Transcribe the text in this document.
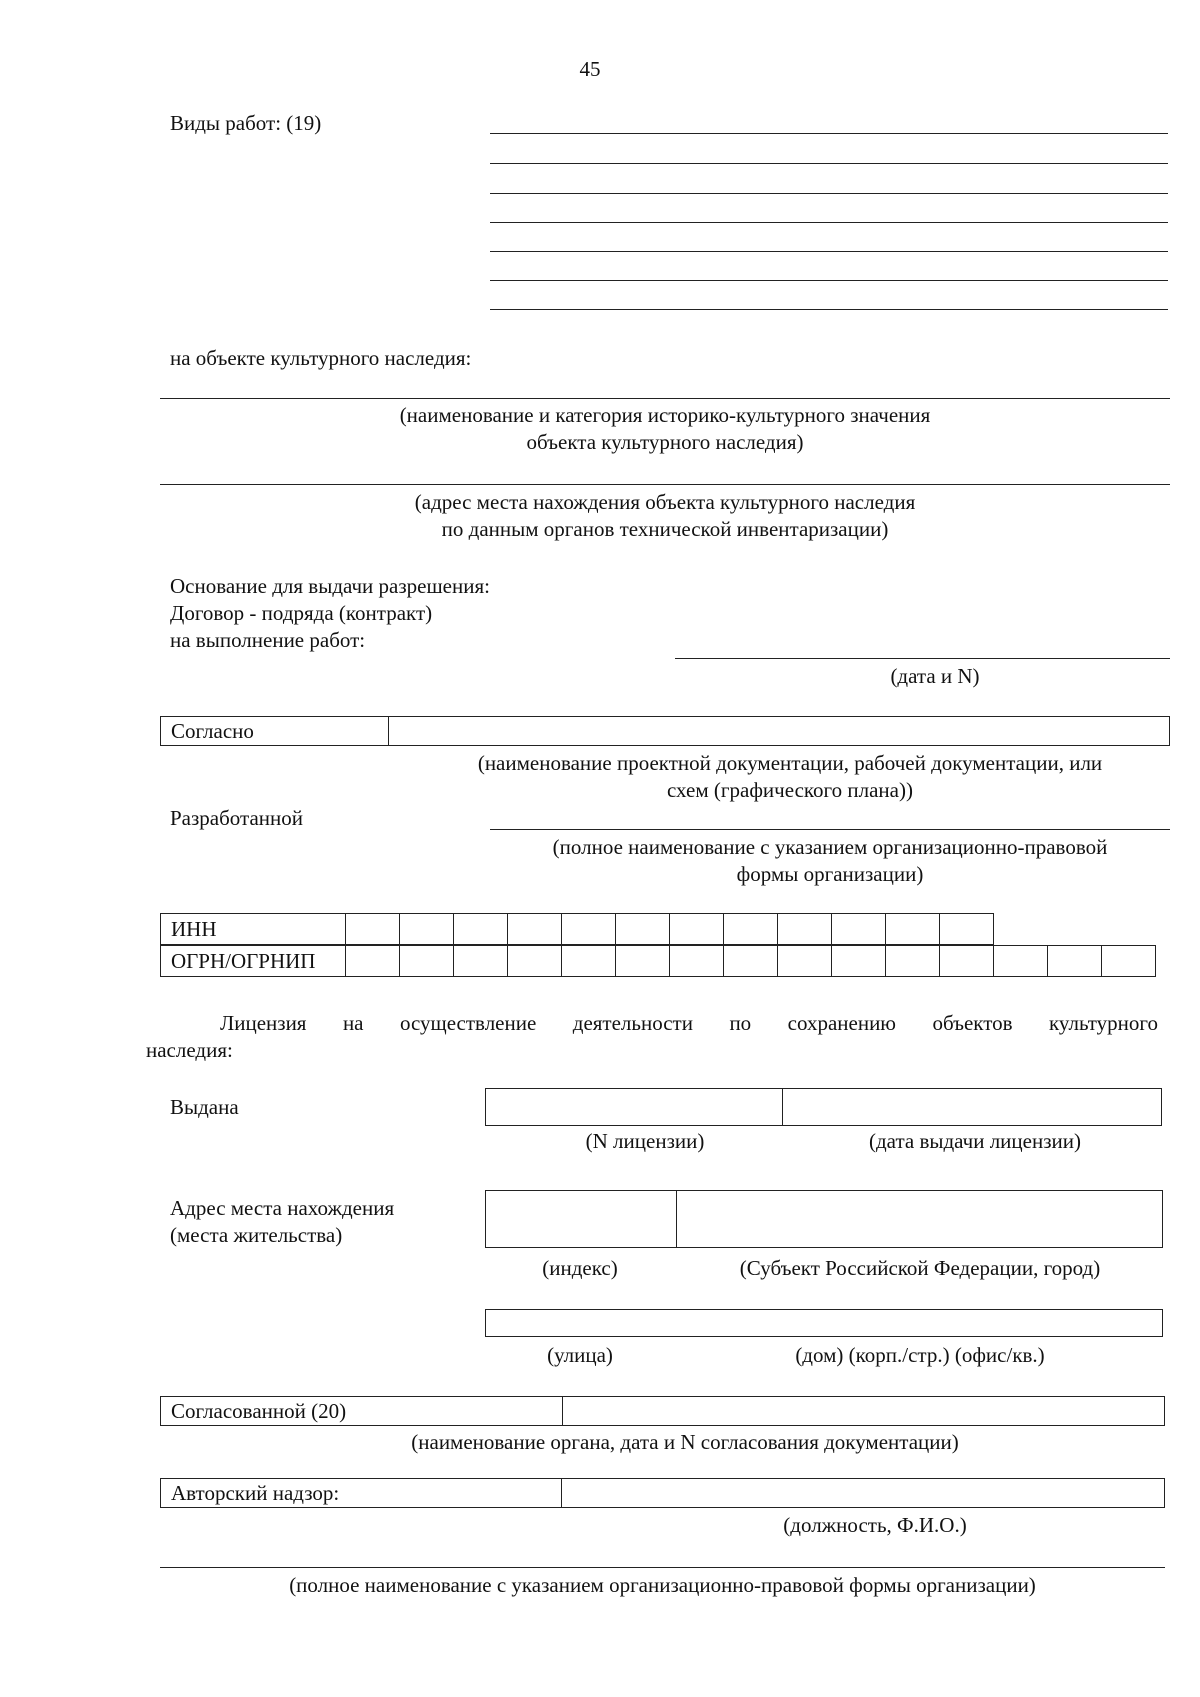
45
Виды работ: (19)
на объекте культурного наследия:
(наименование и категория историко-культурного значения
объекта культурного наследия)
(адрес места нахождения объекта культурного наследия
по данным органов технической инвентаризации)
Основание для выдачи разрешения:
Договор - подряда (контракт)
на выполнение работ:
(дата и N)
Согласно
(наименование проектной документации, рабочей документации, или
схем (графического плана))
Разработанной
(полное наименование с указанием организационно-правовой
формы организации)
ИНН												
ОГРН/ОГРНИП															
Лицензия на осуществление деятельности по сохранению объектов культурного
наследия:
Выдана
(N лицензии)	(дата выдачи лицензии)
Адрес места нахождения
(места жительства)
(индекс)	(Субъект Российской Федерации, город)
(улица)	(дом) (корп./стр.) (офис/кв.)
Согласованной (20)
(наименование органа, дата и N согласования документации)
Авторский надзор:
(должность, Ф.И.О.)
(полное наименование с указанием организационно-правовой формы организации)
